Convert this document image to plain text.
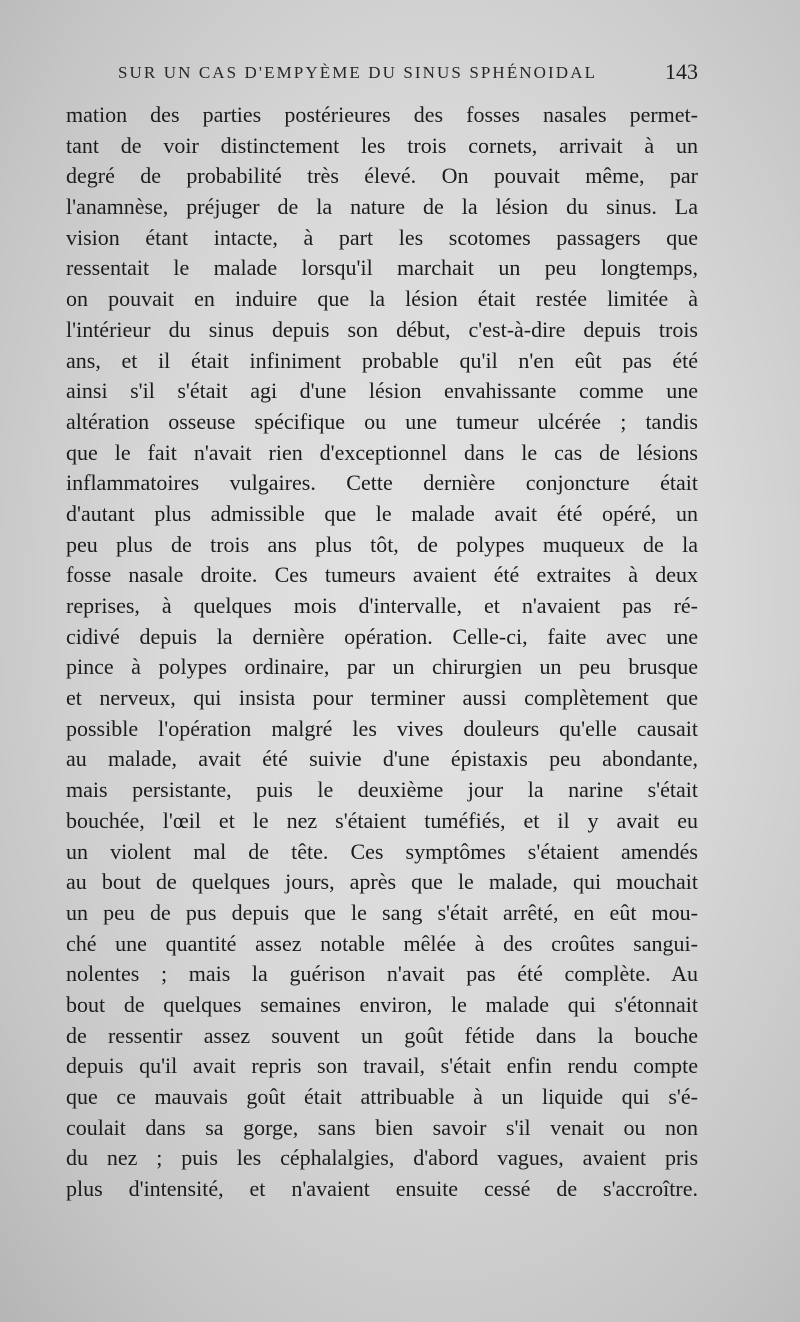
SUR UN CAS D'EMPYÈME DU SINUS SPHÉNOIDAL	143
mation des parties postérieures des fosses nasales permet-
tant de voir distinctement les trois cornets, arrivait à un
degré de probabilité très élevé. On pouvait même, par
l'anamnèse, préjuger de la nature de la lésion du sinus. La
vision étant intacte, à part les scotomes passagers que
ressentait le malade lorsqu'il marchait un peu longtemps,
on pouvait en induire que la lésion était restée limitée à
l'intérieur du sinus depuis son début, c'est-à-dire depuis trois
ans, et il était infiniment probable qu'il n'en eût pas été
ainsi s'il s'était agi d'une lésion envahissante comme une
altération osseuse spécifique ou une tumeur ulcérée ; tandis
que le fait n'avait rien d'exceptionnel dans le cas de lésions
inflammatoires vulgaires. Cette dernière conjoncture était
d'autant plus admissible que le malade avait été opéré, un
peu plus de trois ans plus tôt, de polypes muqueux de la
fosse nasale droite. Ces tumeurs avaient été extraites à deux
reprises, à quelques mois d'intervalle, et n'avaient pas ré-
cidivé depuis la dernière opération. Celle-ci, faite avec une
pince à polypes ordinaire, par un chirurgien un peu brusque
et nerveux, qui insista pour terminer aussi complètement que
possible l'opération malgré les vives douleurs qu'elle causait
au malade, avait été suivie d'une épistaxis peu abondante,
mais persistante, puis le deuxième jour la narine s'était
bouchée, l'œil et le nez s'étaient tuméfiés, et il y avait eu
un violent mal de tête. Ces symptômes s'étaient amendés
au bout de quelques jours, après que le malade, qui mouchait
un peu de pus depuis que le sang s'était arrêté, en eût mou-
ché une quantité assez notable mêlée à des croûtes sangui-
nolentes ; mais la guérison n'avait pas été complète. Au
bout de quelques semaines environ, le malade qui s'étonnait
de ressentir assez souvent un goût fétide dans la bouche
depuis qu'il avait repris son travail, s'était enfin rendu compte
que ce mauvais goût était attribuable à un liquide qui s'é-
coulait dans sa gorge, sans bien savoir s'il venait ou non
du nez ; puis les céphalalgies, d'abord vagues, avaient pris
plus d'intensité, et n'avaient ensuite cessé de s'accroître.
